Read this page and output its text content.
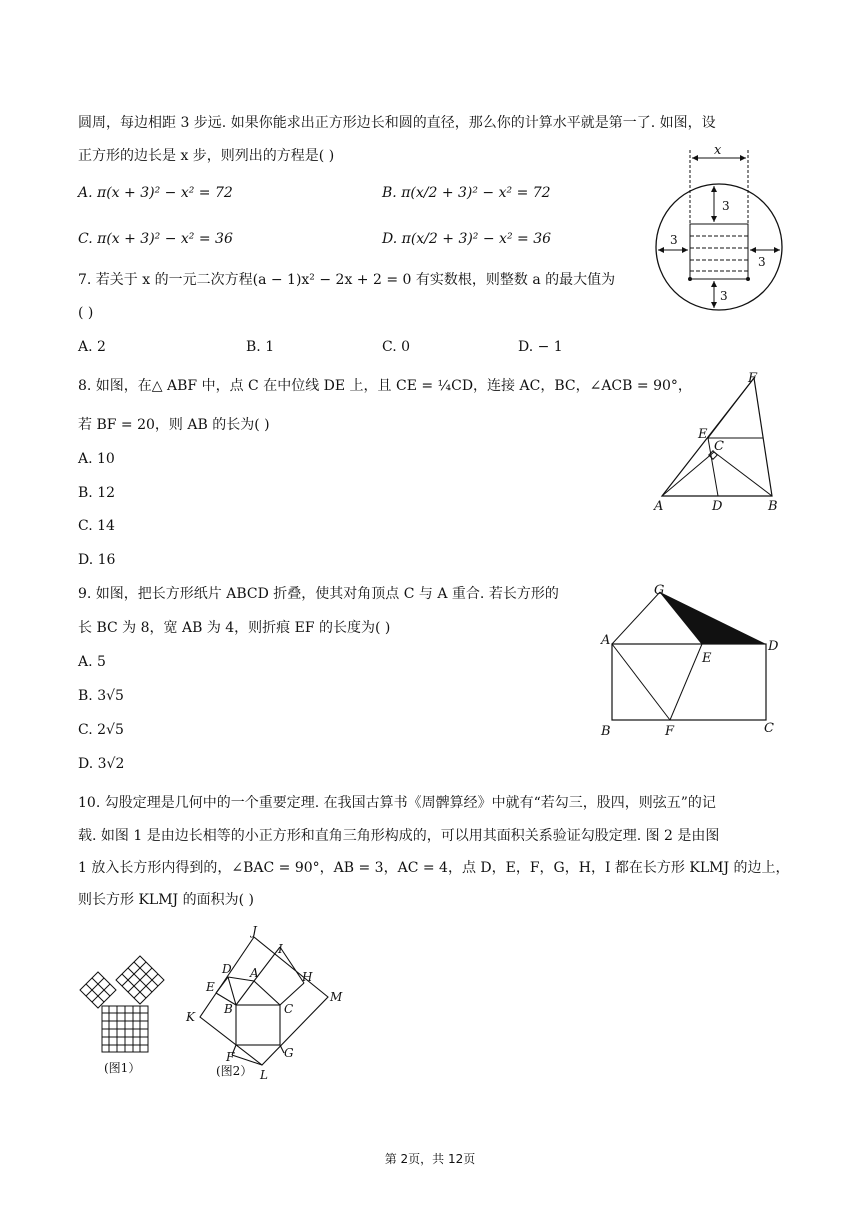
圆周，每边相距 3 步远. 如果你能求出正方形边长和圆的直径，那么你的计算水平就是第一了. 如图，设
正方形的边长是 x 步，则列出的方程是( )
A. π(x + 3)² − x² = 72	B. π(x/2 + 3)² − x² = 72
C. π(x + 3)² − x² = 36	D. π(x/2 + 3)² − x² = 36
x
3
3
3
3
7. 若关于 x 的一元二次方程(a − 1)x² − 2x + 2 = 0 有实数根，则整数 a 的最大值为
( )
A. 2	B. 1	C. 0	D. − 1
8. 如图，在△ ABF 中，点 C 在中位线 DE 上，且 CE = ¼CD，连接 AC，BC，∠ACB = 90°，
若 BF = 20，则 AB 的长为( )
A. 10
B. 12
C. 14
D. 16
F
E
C
A	D	B
9. 如图，把长方形纸片 ABCD 折叠，使其对角顶点 C 与 A 重合. 若长方形的
长 BC 为 8，宽 AB 为 4，则折痕 EF 的长度为( )
A. 5
B. 3√5
C. 2√5
D. 3√2
G
A
E
D
B	F	C
10. 勾股定理是几何中的一个重要定理. 在我国古算书《周髀算经》中就有“若勾三，股四，则弦五”的记
载. 如图 1 是由边长相等的小正方形和直角三角形构成的，可以用其面积关系验证勾股定理. 图 2 是由图
1 放入长方形内得到的，∠BAC = 90°，AB = 3，AC = 4，点 D，E，F，G，H，I 都在长方形 KLMJ 的边上，
则长方形 KLMJ 的面积为( )
(图1）
J
D
I
A	H
E
M
B	C
K
F	G
L
(图2）
第 2页，共 12页
